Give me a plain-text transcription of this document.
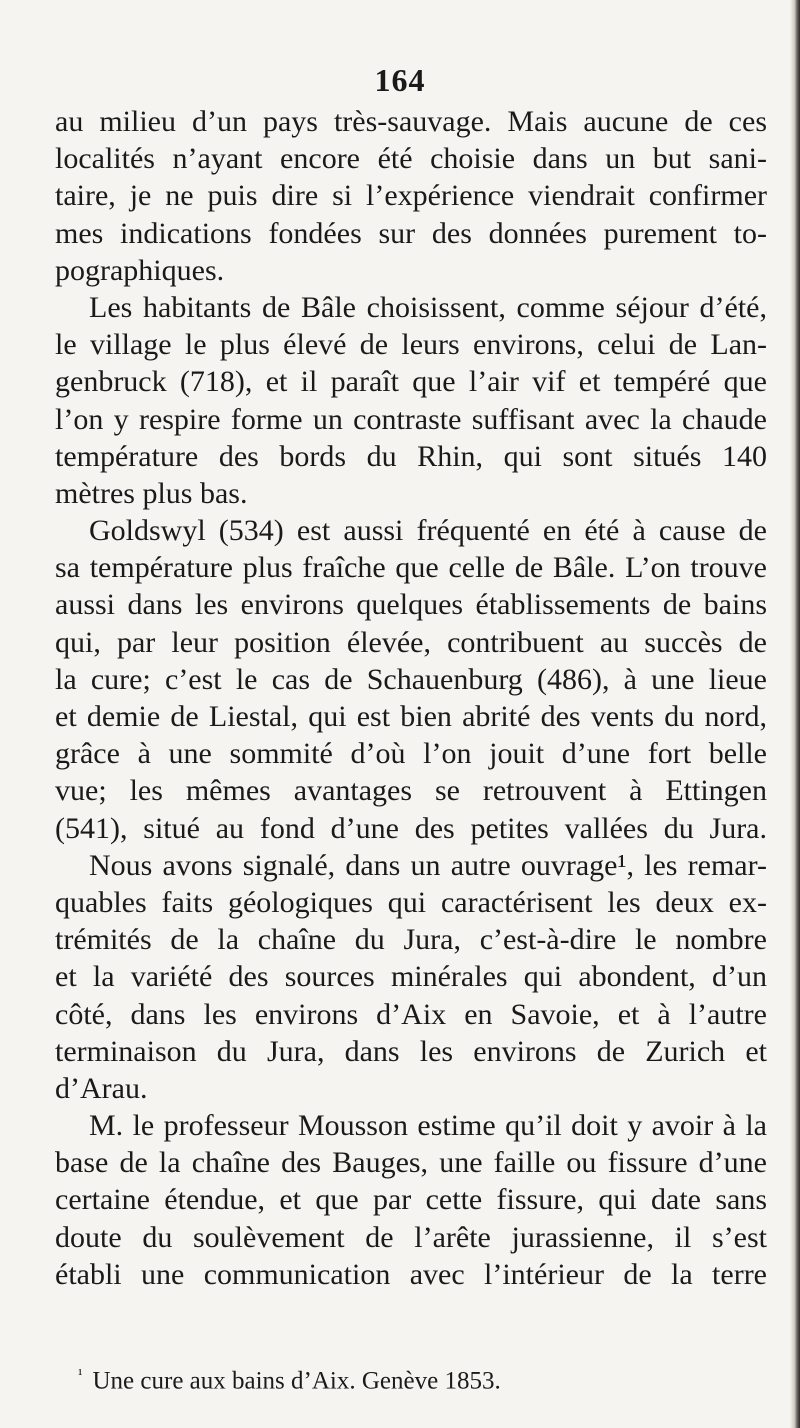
164
au milieu d’un pays très-sauvage. Mais aucune de ces
localités n’ayant encore été choisie dans un but sani-
taire, je ne puis dire si l’expérience viendrait confirmer
mes indications fondées sur des données purement to-
pographiques.
Les habitants de Bâle choisissent, comme séjour d’été,
le village le plus élevé de leurs environs, celui de Lan-
genbruck (718), et il paraît que l’air vif et tempéré que
l’on y respire forme un contraste suffisant avec la chaude
température des bords du Rhin, qui sont situés 140
mètres plus bas.
Goldswyl (534) est aussi fréquenté en été à cause de
sa température plus fraîche que celle de Bâle. L’on trouve
aussi dans les environs quelques établissements de bains
qui, par leur position élevée, contribuent au succès de
la cure; c’est le cas de Schauenburg (486), à une lieue
et demie de Liestal, qui est bien abrité des vents du nord,
grâce à une sommité d’où l’on jouit d’une fort belle
vue; les mêmes avantages se retrouvent à Ettingen
(541), situé au fond d’une des petites vallées du Jura.
Nous avons signalé, dans un autre ouvrage¹, les remar-
quables faits géologiques qui caractérisent les deux ex-
trémités de la chaîne du Jura, c’est-à-dire le nombre
et la variété des sources minérales qui abondent, d’un
côté, dans les environs d’Aix en Savoie, et à l’autre
terminaison du Jura, dans les environs de Zurich et
d’Arau.
M. le professeur Mousson estime qu’il doit y avoir à la
base de la chaîne des Bauges, une faille ou fissure d’une
certaine étendue, et que par cette fissure, qui date sans
doute du soulèvement de l’arête jurassienne, il s’est
établi une communication avec l’intérieur de la terre
$^{^1}$ Une cure aux bains d’Aix. Genève 1853.
